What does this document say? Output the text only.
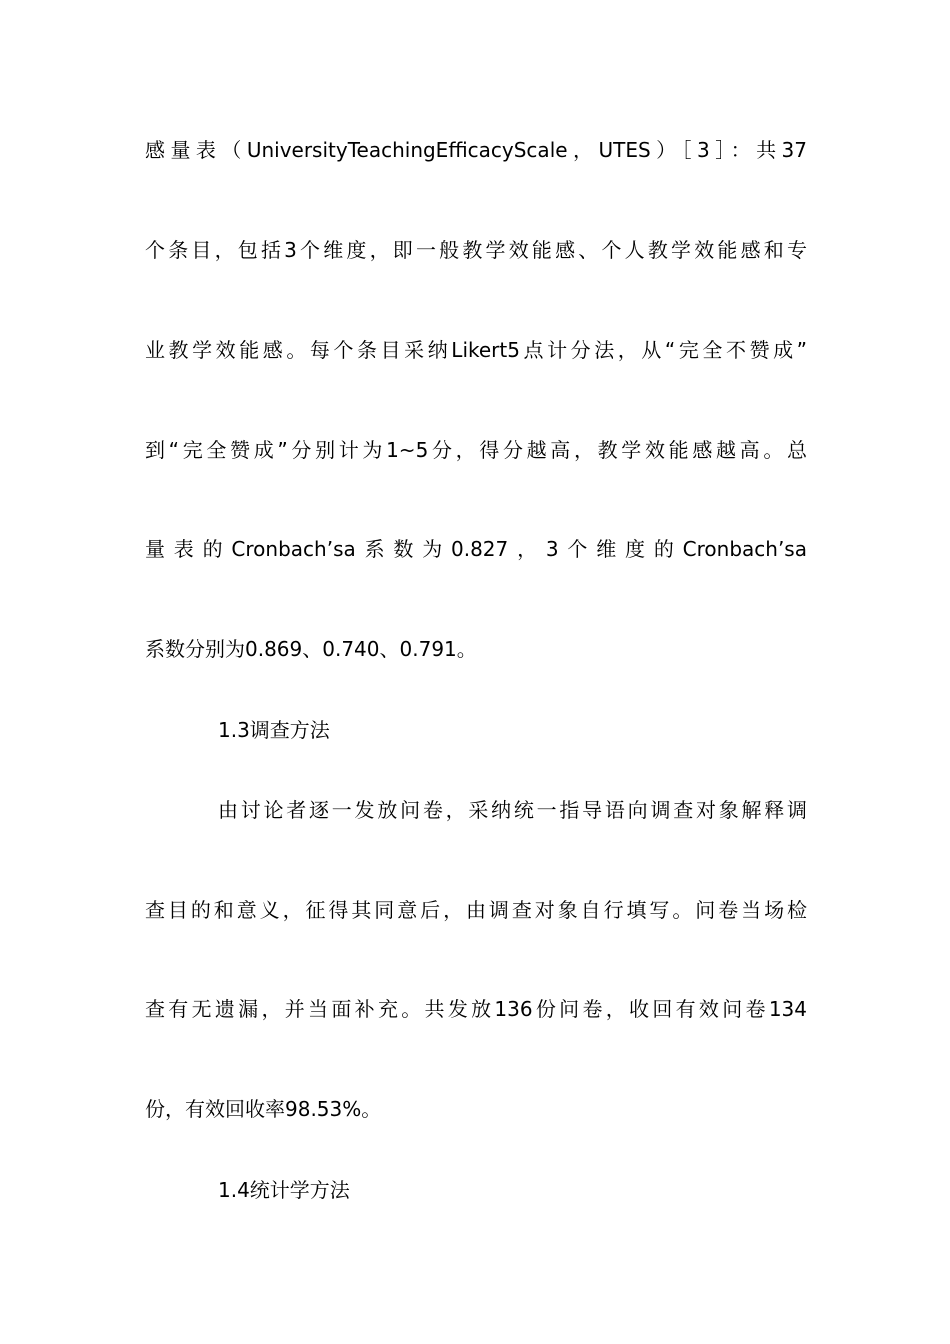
感量表（UniversityTeachingEfficacyScale，UTES）［3］：共37
个条目，包括3个维度，即一般教学效能感、个人教学效能感和专
业教学效能感。每个条目采纳Likert5点计分法，从“完全不赞成”
到“完全赞成”分别计为1~5分，得分越高，教学效能感越高。总
量表的Cronbach’sa系数为0.827，3个维度的Cronbach’sa
系数分别为0.869、0.740、0.791。
1.3调查方法
由讨论者逐一发放问卷，采纳统一指导语向调查对象解释调
查目的和意义，征得其同意后，由调查对象自行填写。问卷当场检
查有无遗漏，并当面补充。共发放136份问卷，收回有效问卷134
份，有效回收率98.53%。
1.4统计学方法
